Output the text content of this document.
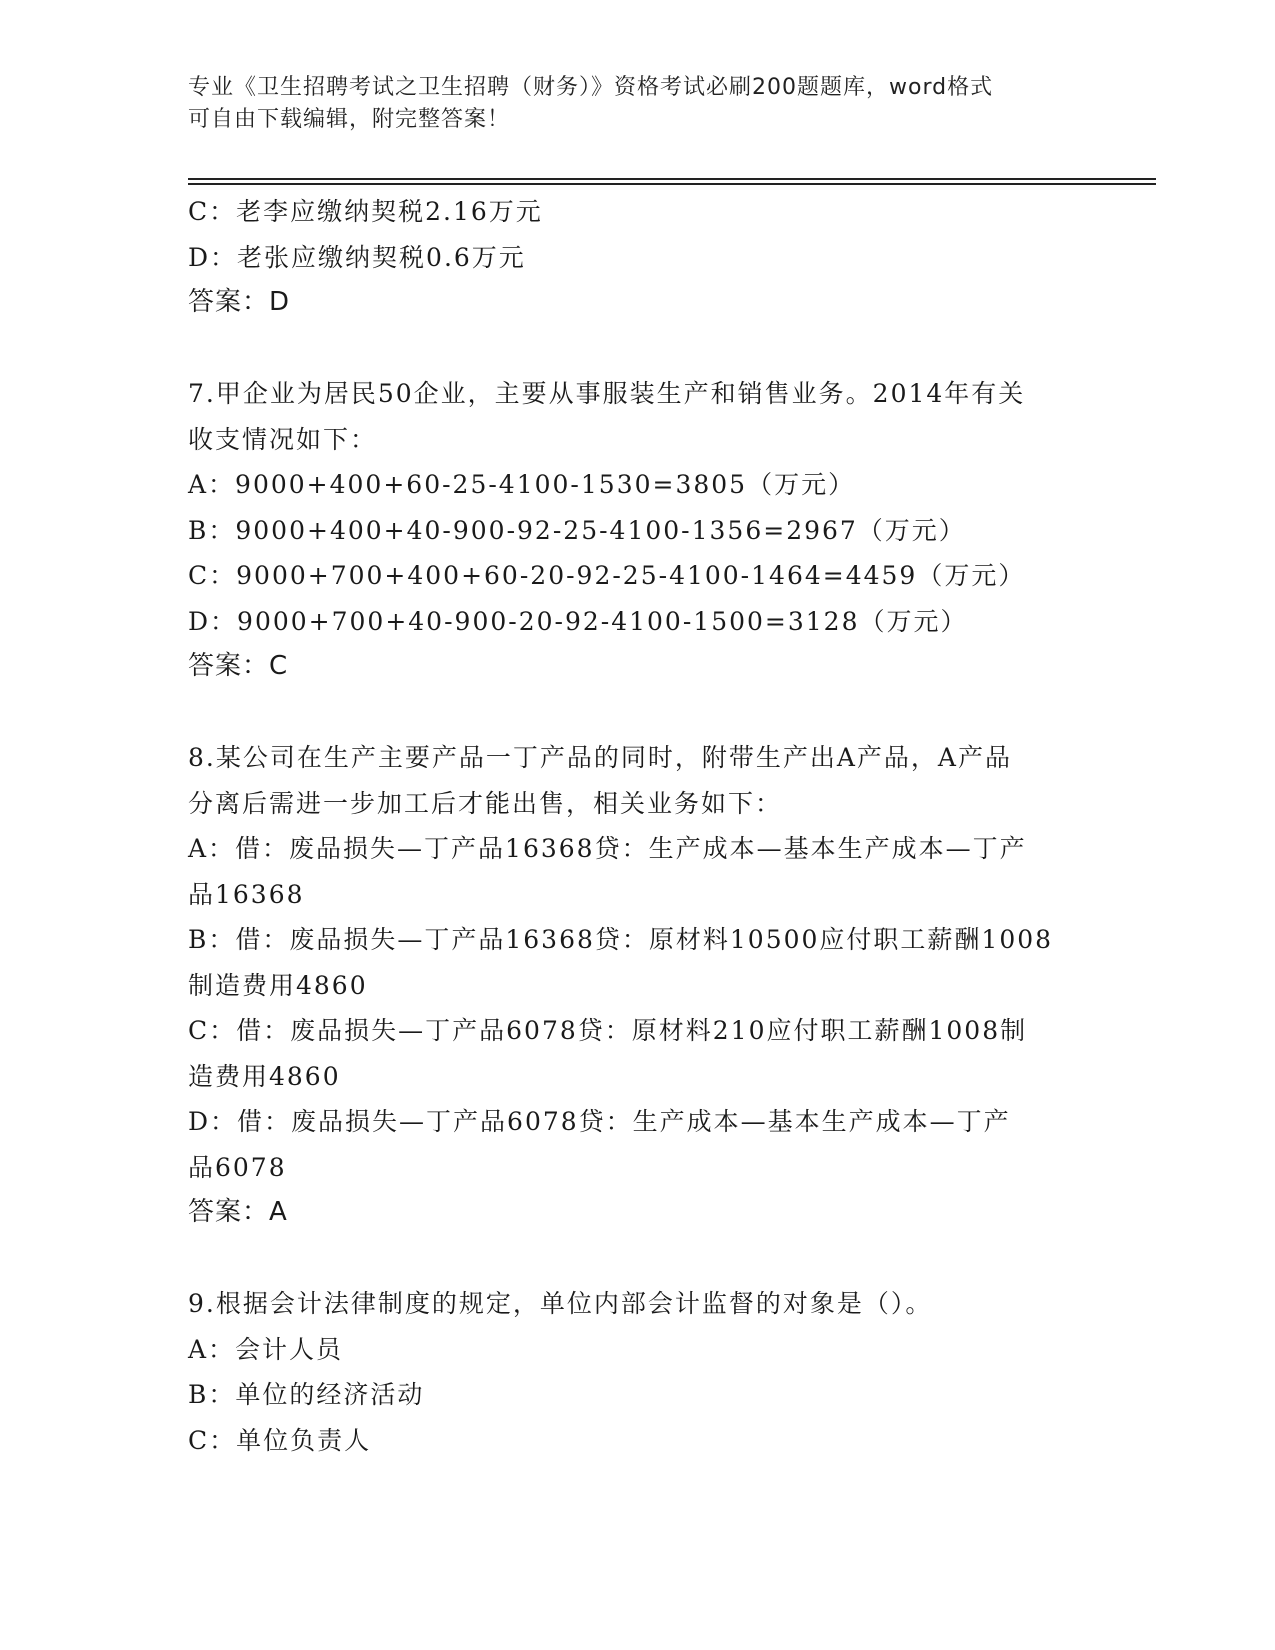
专业《卫生招聘考试之卫生招聘（财务）》资格考试必刷200题题库，word格式
可自由下载编辑，附完整答案！
C：老李应缴纳契税2.16万元
D：老张应缴纳契税0.6万元
答案：D
7.甲企业为居民50企业，主要从事服装生产和销售业务。2014年有关
收支情况如下：
A：9000+400+60-25-4100-1530=3805（万元）
B：9000+400+40-900-92-25-4100-1356=2967（万元）
C：9000+700+400+60-20-92-25-4100-1464=4459（万元）
D：9000+700+40-900-20-92-4100-1500=3128（万元）
答案：C
8.某公司在生产主要产品一丁产品的同时，附带生产出A产品，A产品
分离后需进一步加工后才能出售，相关业务如下：
A：借：废品损失—丁产品16368贷：生产成本—基本生产成本—丁产
品16368
B：借：废品损失—丁产品16368贷：原材料10500应付职工薪酬1008
制造费用4860
C：借：废品损失—丁产品6078贷：原材料210应付职工薪酬1008制
造费用4860
D：借：废品损失—丁产品6078贷：生产成本—基本生产成本—丁产
品6078
答案：A
9.根据会计法律制度的规定，单位内部会计监督的对象是（）。
A：会计人员
B：单位的经济活动
C：单位负责人
